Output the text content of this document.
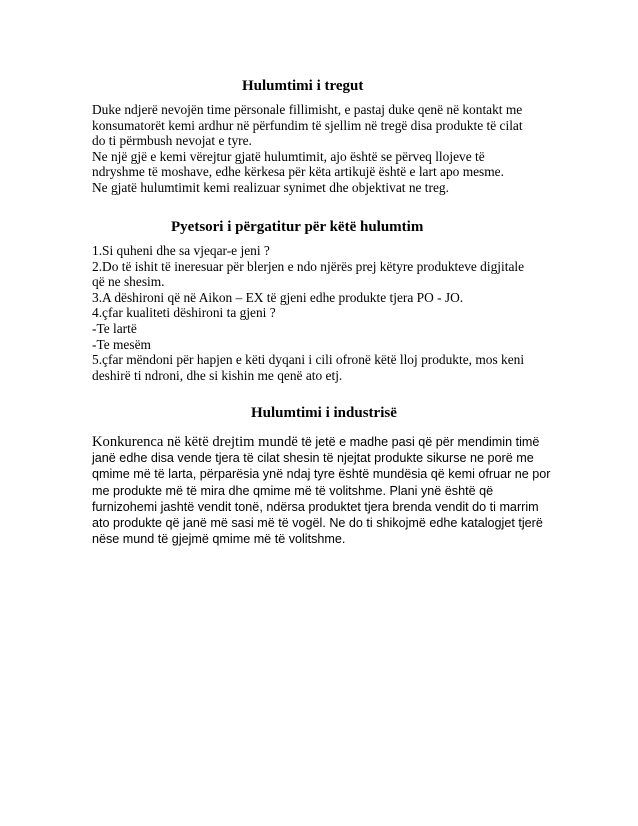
Hulumtimi i tregut
Duke ndjerë nevojën time përsonale fillimisht, e pastaj duke qenë në kontakt me
konsumatorët kemi ardhur në përfundim të sjellim në tregë disa produkte të cilat
do ti përmbush nevojat e tyre.
Ne një gjë e kemi vërejtur gjatë hulumtimit, ajo është se përveq llojeve të
ndryshme të moshave, edhe kërkesa për këta artikujë është e lart apo mesme.
Ne gjatë hulumtimit kemi realizuar synimet dhe objektivat ne treg.
Pyetsori i përgatitur për këtë hulumtim
1.Si quheni dhe sa vjeqar-e jeni ?
2.Do të ishit të ineresuar për blerjen e ndo njërës prej këtyre produkteve digjitale
që ne shesim.
3.A dëshironi që në Aikon – EX të gjeni edhe produkte tjera PO - JO.
4.çfar kualiteti dëshironi ta gjeni ?
-Te lartë
-Te mesëm
5.çfar mëndoni për hapjen e këti dyqani i cili ofronë këtë lloj produkte, mos keni
deshirë ti ndroni, dhe si kishin me qenë ato etj.
Hulumtimi i industrisë
Konkurenca në këtë drejtim mundë të jetë e madhe pasi që për mendimin timë
janë edhe disa vende tjera të cilat shesin të njejtat produkte sikurse ne porë me
qmime më të larta, përparësia ynë ndaj tyre është mundësia që kemi ofruar ne por
me produkte më të mira dhe qmime më të volitshme. Plani ynë është që
furnizohemi jashtë vendit tonë, ndërsa produktet tjera brenda vendit do ti marrim
ato produkte që janë më sasi më të vogël. Ne do ti shikojmë edhe katalogjet tjerë
nëse mund të gjejmë qmime më të volitshme.
